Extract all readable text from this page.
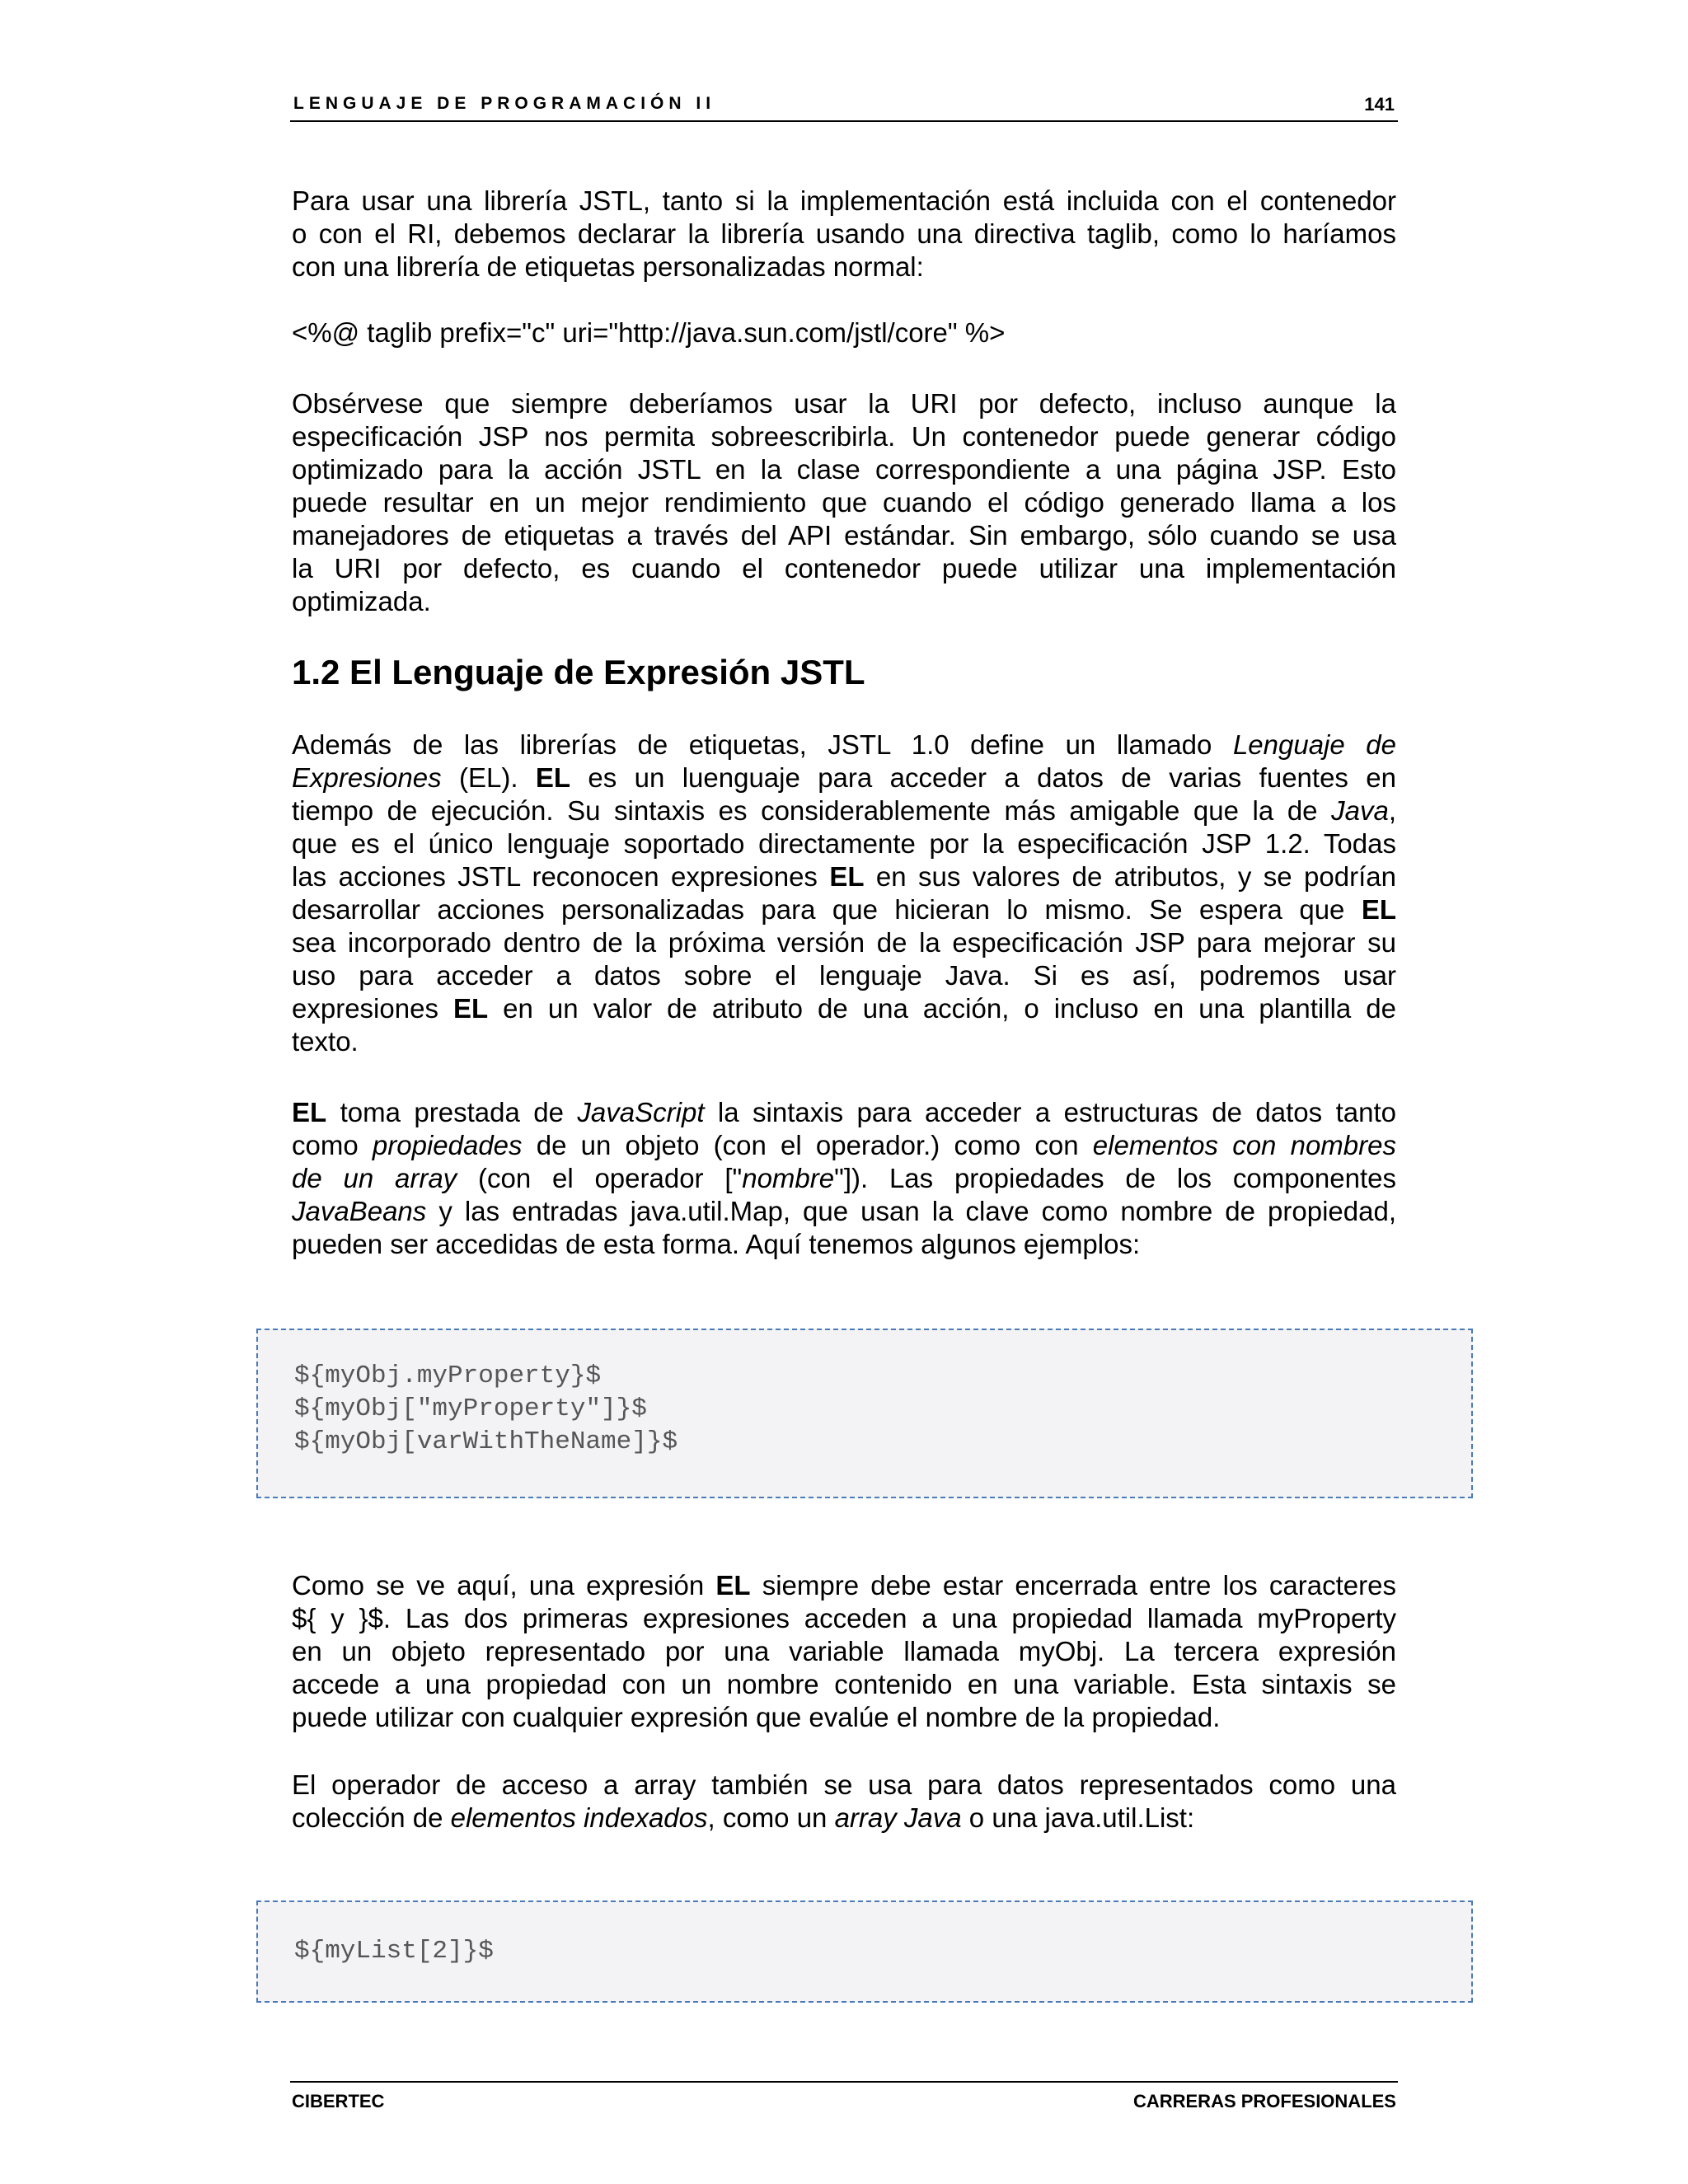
LENGUAJE DE PROGRAMACIÓN II	141
Para usar una librería JSTL, tanto si la implementación está incluida con el contenedor
o con el RI, debemos declarar la librería usando una directiva taglib, como lo haríamos
con una librería de etiquetas personalizadas normal:
<%@ taglib prefix="c" uri="http://java.sun.com/jstl/core" %>
Obsérvese que siempre deberíamos usar la URI por defecto, incluso aunque la
especificación JSP nos permita sobreescribirla. Un contenedor puede generar código
optimizado para la acción JSTL en la clase correspondiente a una página JSP. Esto
puede resultar en un mejor rendimiento que cuando el código generado llama a los
manejadores de etiquetas a través del API estándar. Sin embargo, sólo cuando se usa
la URI por defecto, es cuando el contenedor puede utilizar una implementación
optimizada.
1.2 El Lenguaje de Expresión JSTL
Además de las librerías de etiquetas, JSTL 1.0 define un llamado Lenguaje de
Expresiones (EL). EL es un luenguaje para acceder a datos de varias fuentes en
tiempo de ejecución. Su sintaxis es considerablemente más amigable que la de Java,
que es el único lenguaje soportado directamente por la especificación JSP 1.2. Todas
las acciones JSTL reconocen expresiones EL en sus valores de atributos, y se podrían
desarrollar acciones personalizadas para que hicieran lo mismo. Se espera que EL
sea incorporado dentro de la próxima versión de la especificación JSP para mejorar su
uso para acceder a datos sobre el lenguaje Java. Si es así, podremos usar
expresiones EL en un valor de atributo de una acción, o incluso en una plantilla de
texto.
EL toma prestada de JavaScript la sintaxis para acceder a estructuras de datos tanto
como propiedades de un objeto (con el operador.) como con elementos con nombres
de un array (con el operador ["nombre"]). Las propiedades de los componentes
JavaBeans y las entradas java.util.Map, que usan la clave como nombre de propiedad,
pueden ser accedidas de esta forma. Aquí tenemos algunos ejemplos:
${myObj.myProperty}$
${myObj["myProperty"]}$
${myObj[varWithTheName]}$
Como se ve aquí, una expresión EL siempre debe estar encerrada entre los caracteres
${ y }$. Las dos primeras expresiones acceden a una propiedad llamada myProperty
en un objeto representado por una variable llamada myObj. La tercera expresión
accede a una propiedad con un nombre contenido en una variable. Esta sintaxis se
puede utilizar con cualquier expresión que evalúe el nombre de la propiedad.
El operador de acceso a array también se usa para datos representados como una
colección de elementos indexados, como un array Java o una java.util.List:
${myList[2]}$
CIBERTEC	CARRERAS PROFESIONALES
